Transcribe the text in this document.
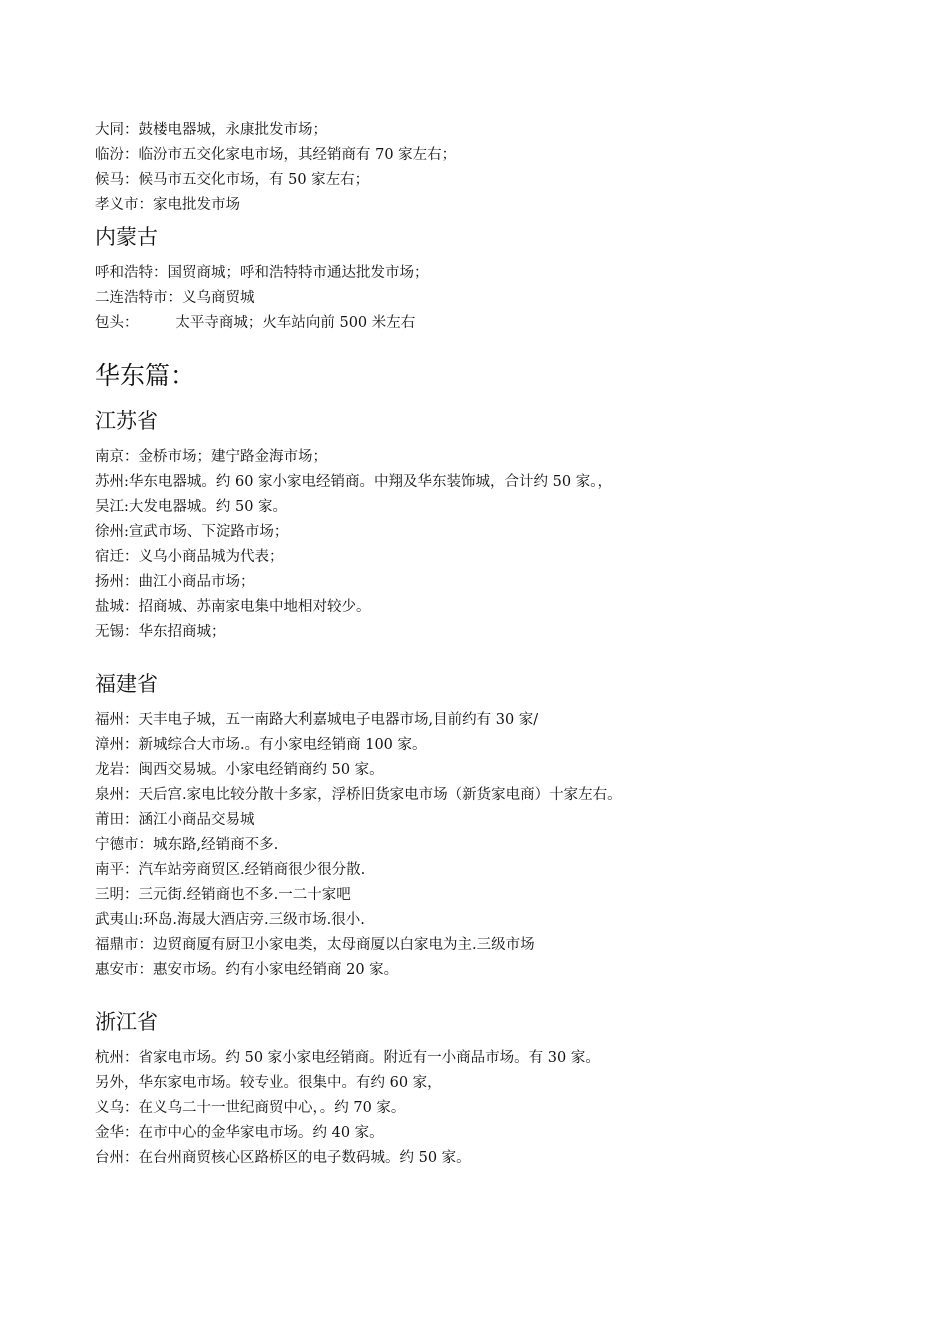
大同：鼓楼电器城，永康批发市场；
临汾：临汾市五交化家电市场，其经销商有 70 家左右；
候马：候马市五交化市场，有 50 家左右；
孝义市：家电批发市场
内蒙古
呼和浩特：国贸商城；呼和浩特特市通达批发市场；
二连浩特市：义乌商贸城
包头：        太平寺商城；火车站向前 500 米左右
华东篇：
江苏省
南京：金桥市场；建宁路金海市场；
苏州:华东电器城。约 60 家小家电经销商。中翔及华东装饰城，合计约 50 家。，
吴江:大发电器城。约 50 家。
徐州:宣武市场、下淀路市场；
宿迁：义乌小商品城为代表；
扬州：曲江小商品市场；
盐城：招商城、苏南家电集中地相对较少。
无锡：华东招商城；
福建省
福州：天丰电子城，五一南路大利嘉城电子电器市场,目前约有 30 家/
漳州：新城综合大市场.。有小家电经销商 100 家。
龙岩：闽西交易城。小家电经销商约 50 家。
泉州：天后宫.家电比较分散十多家，浮桥旧货家电市场（新货家电商）十家左右。
莆田：涵江小商品交易城
宁德市：城东路,经销商不多.
南平：汽车站旁商贸区.经销商很少很分散.
三明：三元街.经销商也不多.一二十家吧
武夷山:环岛.海晟大酒店旁.三级市场.很小.
福鼎市：边贸商厦有厨卫小家电类，太母商厦以白家电为主.三级市场
惠安市：惠安市场。约有小家电经销商 20 家。
浙江省
杭州：省家电市场。约 50 家小家电经销商。附近有一小商品市场。有 30 家。
另外，华东家电市场。较专业。很集中。有约 60 家，
义乌：在义乌二十一世纪商贸中心，。约 70 家。
金华：在市中心的金华家电市场。约 40 家。
台州：在台州商贸核心区路桥区的电子数码城。约 50 家。
